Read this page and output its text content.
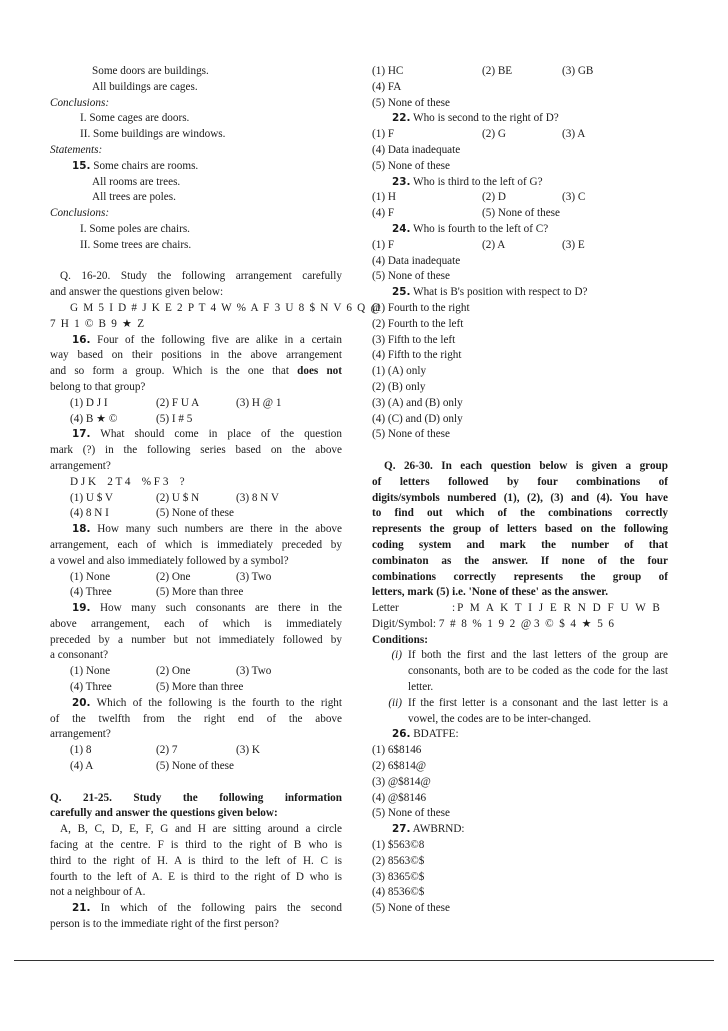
Some doors are buildings.
All buildings are cages.
Conclusions:
I. Some cages are doors.
II. Some buildings are windows.
Statements:
15. Some chairs are rooms.
All rooms are trees.
All trees are poles.
Conclusions:
I. Some poles are chairs.
II. Some trees are chairs.
Q. 16-20. Study the following arrangement carefully
and answer the questions given below:
G M 5 I D # J K E 2 P T 4 W % A F 3 U 8 $ N V 6 Q @
7 H 1 © B 9 ★ Z
16. Four of the following five are alike in a certain
way based on their positions in the above arrangement
and so form a group. Which is the one that does not
belong to that group?
(1) D J I	(2) F U A	(3) H @ 1
(4) B ★ ©	(5) I # 5
17. What should come in place of the question
mark (?) in the following series based on the above
arrangement?
D J K    2 T 4    % F 3    ?
(1) U $ V	(2) U $ N	(3) 8 N V
(4) 8 N I	(5) None of these
18. How many such numbers are there in the above
arrangement, each of which is immediately preceded by
a vowel and also immediately followed by a symbol?
(1) None	(2) One	(3) Two
(4) Three	(5) More than three
19. How many such consonants are there in the
above arrangement, each of which is immediately
preceded by a number but not immediately followed by
a consonant?
(1) None	(2) One	(3) Two
(4) Three	(5) More than three
20. Which of the following is the fourth to the right
of the twelfth from the right end of the above
arrangement?
(1) 8	(2) 7	(3) K
(4) A	(5) None of these
Q. 21-25. Study the following information
carefully and answer the questions given below:
A, B, C, D, E, F, G and H are sitting around a circle
facing at the centre. F is third to the right of B who is
third to the right of H. A is third to the left of H. C is
fourth to the left of A. E is third to the right of D who is
not a neighbour of A.
21. In which of the following pairs the second
person is to the immediate right of the first person?
(1) HC	(2) BE	(3) GB
(4) FA
(5) None of these
22. Who is second to the right of D?
(1) F	(2) G	(3) A
(4) Data inadequate
(5) None of these
23. Who is third to the left of G?
(1) H	(2) D	(3) C
(4) F	(5) None of these
24. Who is fourth to the left of C?
(1) F	(2) A	(3) E
(4) Data inadequate
(5) None of these
25. What is B's position with respect to D?
(1) Fourth to the right
(2) Fourth to the left
(3) Fifth to the left
(4) Fifth to the right
(1) (A) only
(2) (B) only
(3) (A) and (B) only
(4) (C) and (D) only
(5) None of these
Q. 26-30. In each question below is given a group
of letters followed by four combinations of
digits/symbols numbered (1), (2), (3) and (4). You have
to find out which of the combinations correctly
represents the group of letters based on the following
coding system and mark the number of that
combinaton as the answer. If none of the four
combinations correctly represents the group of
letters, mark (5) i.e. 'None of these' as the answer.
Letter	:P M A K T I J E R N D F U W B
Digit/Symbol : 7  #  8  %  1  9  2  @ 3  ©  $  4  ★  5  6
Conditions:
(i) If both the first and the last letters of the group are consonants, both are to be coded as the code for the last letter.
(ii) If the first letter is a consonant and the last letter is a vowel, the codes are to be inter-changed.
26. BDATFE:
(1) 6$8146
(2) 6$814@
(3) @$814@
(4) @$8146
(5) None of these
27. AWBRND:
(1) $563©8
(2) 8563©$
(3) 8365©$
(4) 8536©$
(5) None of these
